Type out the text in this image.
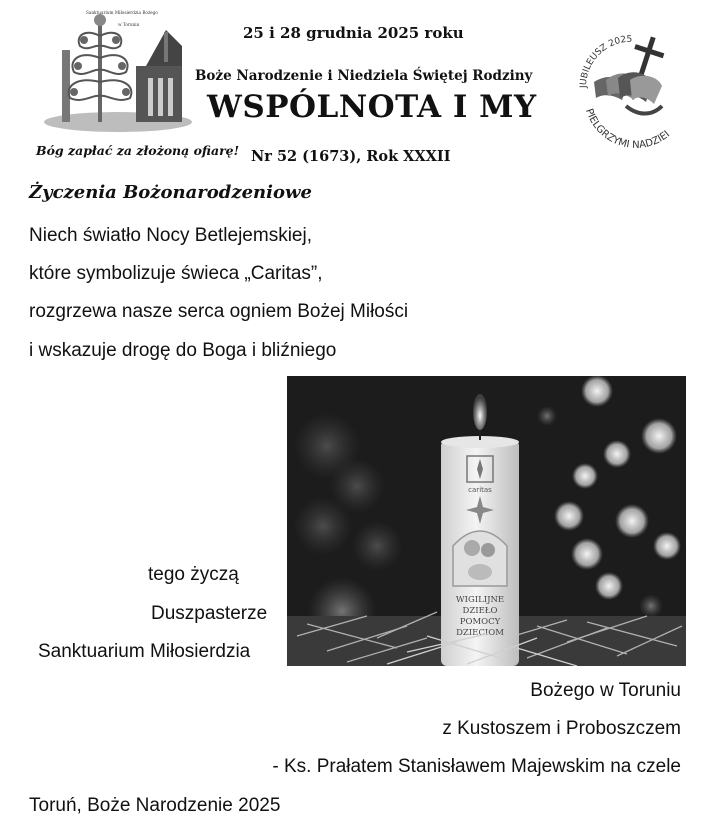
Sanktuarium Miłosierdzia Bożego
w Toruniu	25 i 28 grudnia 2025 roku
Boże Narodzenie i Niedziela Świętej Rodziny
WSPÓLNOTA I MY
Bóg zapłać za złożoną ofiarę! Nr 52 (1673), Rok XXXII
JUBILEUSZ 2025
PIELGRZYMI NADZIEI
Życzenia Bożonarodzeniowe
Niech światło Nocy Betlejemskiej,
które symbolizuje świeca „Caritas”,
rozgrzewa nasze serca ogniem Bożej Miłości
i wskazuje drogę do Boga i bliźniego
caritas
WIGILIJNE
DZIEŁO
POMOCY
DZIECIOM
tego życzą
Duszpasterze
Sanktuarium Miłosierdzia
Bożego w Toruniu
z Kustoszem i Proboszczem
- Ks. Prałatem Stanisławem Majewskim na czele
Toruń, Boże Narodzenie 2025
